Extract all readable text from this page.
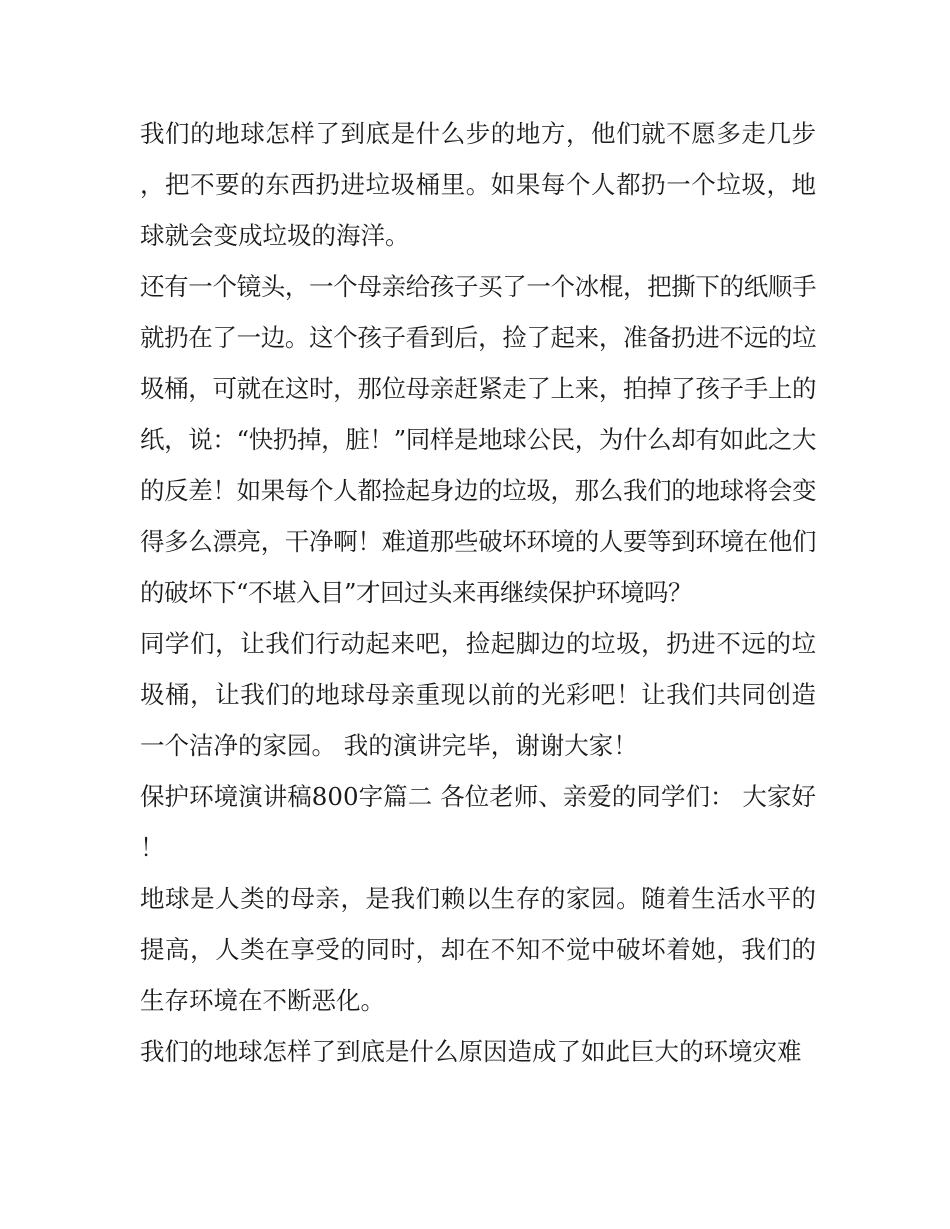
我们的地球怎样了到底是什么步的地方，他们就不愿多走几步，把不要的东西扔进垃圾桶里。如果每个人都扔一个垃圾，地球就会变成垃圾的海洋。

还有一个镜头，一个母亲给孩子买了一个冰棍，把撕下的纸顺手就扔在了一边。这个孩子看到后，捡了起来，准备扔进不远的垃圾桶，可就在这时，那位母亲赶紧走了上来，拍掉了孩子手上的纸，说：“快扔掉，脏！”同样是地球公民，为什么却有如此之大的反差！如果每个人都捡起身边的垃圾，那么我们的地球将会变得多么漂亮，干净啊！难道那些破坏环境的人要等到环境在他们的破坏下“不堪入目”才回过头来再继续保护环境吗？

同学们，让我们行动起来吧，捡起脚边的垃圾，扔进不远的垃圾桶，让我们的地球母亲重现以前的光彩吧！让我们共同创造一个洁净的家园。 我的演讲完毕，谢谢大家！

保护环境演讲稿800字篇二 各位老师、亲爱的同学们： 大家好！

地球是人类的母亲，是我们赖以生存的家园。随着生活水平的提高，人类在享受的同时，却在不知不觉中破坏着她，我们的生存环境在不断恶化。

我们的地球怎样了到底是什么原因造成了如此巨大的环境灾难
